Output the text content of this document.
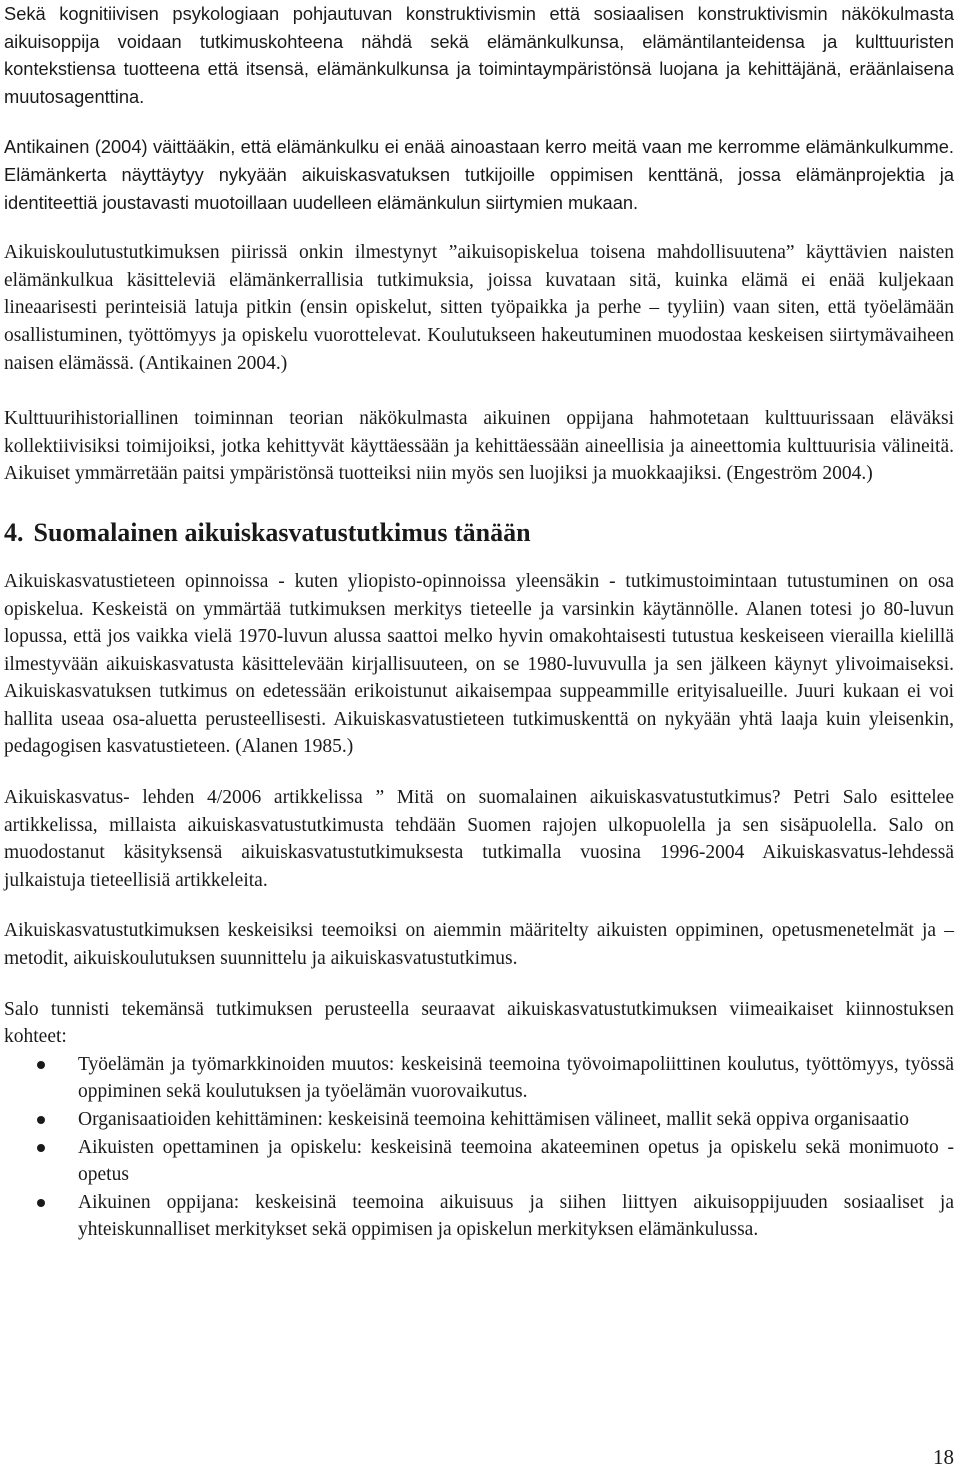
Sekä kognitiivisen psykologiaan pohjautuvan konstruktivismin että sosiaalisen konstruktivismin näkökulmasta aikuisoppija voidaan tutkimuskohteena nähdä sekä elämänkulkunsa, elämäntilanteidensa ja kulttuuristen kontekstiensa tuotteena että itsensä, elämänkulkunsa ja toimintaympäristönsä luojana ja kehittäjänä, eräänlaisena muutosagenttina.

Antikainen (2004) väittääkin, että elämänkulku ei enää ainoastaan kerro meitä vaan me kerromme elämänkulkumme. Elämänkerta näyttäytyy nykyään aikuiskasvatuksen tutkijoille oppimisen kenttänä, jossa elämänprojektia ja identiteettiä joustavasti muotoillaan uudelleen elämänkulun siirtymien mukaan.

Aikuiskoulutustutkimuksen piirissä onkin ilmestynyt ”aikuisopiskelua toisena mahdollisuutena” käyttävien naisten elämänkulkua käsitteleviä elämänkerrallisia tutkimuksia, joissa kuvataan sitä, kuinka elämä ei enää kuljekaan lineaarisesti perinteisiä latuja pitkin (ensin opiskelut, sitten työpaikka ja perhe – tyyliin) vaan siten, että työelämään osallistuminen, työttömyys ja opiskelu vuorottelevat. Koulutukseen hakeutuminen muodostaa keskeisen siirtymävaiheen naisen elämässä. (Antikainen 2004.)

Kulttuurihistoriallinen toiminnan teorian näkökulmasta aikuinen oppijana hahmotetaan kulttuurissaan eläväksi kollektiivisiksi toimijoiksi, jotka kehittyvät käyttäessään ja kehittäessään aineellisia ja aineettomia kulttuurisia välineitä. Aikuiset ymmärretään paitsi ympäristönsä tuotteiksi niin myös sen luojiksi ja muokkaajiksi. (Engeström 2004.)

4. Suomalainen aikuiskasvatustutkimus tänään

Aikuiskasvatustieteen opinnoissa - kuten yliopisto-opinnoissa yleensäkin - tutkimustoimintaan tutustuminen on osa opiskelua. Keskeistä on ymmärtää tutkimuksen merkitys tieteelle ja varsinkin käytännölle. Alanen totesi jo 80-luvun lopussa, että jos vaikka vielä 1970-luvun alussa saattoi melko hyvin omakohtaisesti tutustua keskeiseen vierailla kielillä ilmestyvään aikuiskasvatusta käsittelevään kirjallisuuteen, on se 1980-luvuvulla ja sen jälkeen käynyt ylivoimaiseksi. Aikuiskasvatuksen tutkimus on edetessään erikoistunut aikaisempaa suppeammille erityisalueille. Juuri kukaan ei voi hallita useaa osa-aluetta perusteellisesti. Aikuiskasvatustieteen tutkimuskenttä on nykyään yhtä laaja kuin yleisenkin, pedagogisen kasvatustieteen. (Alanen 1985.)

Aikuiskasvatus- lehden 4/2006 artikkelissa ” Mitä on suomalainen aikuiskasvatustutkimus? Petri Salo esittelee artikkelissa, millaista aikuiskasvatustutkimusta tehdään Suomen rajojen ulkopuolella ja sen sisäpuolella. Salo on muodostanut käsityksensä aikuiskasvatustutkimuksesta tutkimalla vuosina 1996-2004 Aikuiskasvatus-lehdessä julkaistuja tieteellisiä artikkeleita.

Aikuiskasvatustutkimuksen keskeisiksi teemoiksi on aiemmin määritelty aikuisten oppiminen, opetusmenetelmät ja –metodit, aikuiskoulutuksen suunnittelu ja aikuiskasvatustutkimus.

Salo tunnisti tekemänsä tutkimuksen perusteella seuraavat aikuiskasvatustutkimuksen viimeaikaiset kiinnostuksen kohteet:

Työelämän ja työmarkkinoiden muutos: keskeisinä teemoina työvoimapoliittinen koulutus, työttömyys, työssä oppiminen sekä koulutuksen ja työelämän vuorovaikutus.
Organisaatioiden kehittäminen: keskeisinä teemoina kehittämisen välineet, mallit sekä oppiva organisaatio
Aikuisten opettaminen ja opiskelu: keskeisinä teemoina akateeminen opetus ja opiskelu sekä monimuoto - opetus
Aikuinen oppijana: keskeisinä teemoina aikuisuus ja siihen liittyen aikuisoppijuuden sosiaaliset ja yhteiskunnalliset merkitykset sekä oppimisen ja opiskelun merkityksen elämänkulussa.
18
